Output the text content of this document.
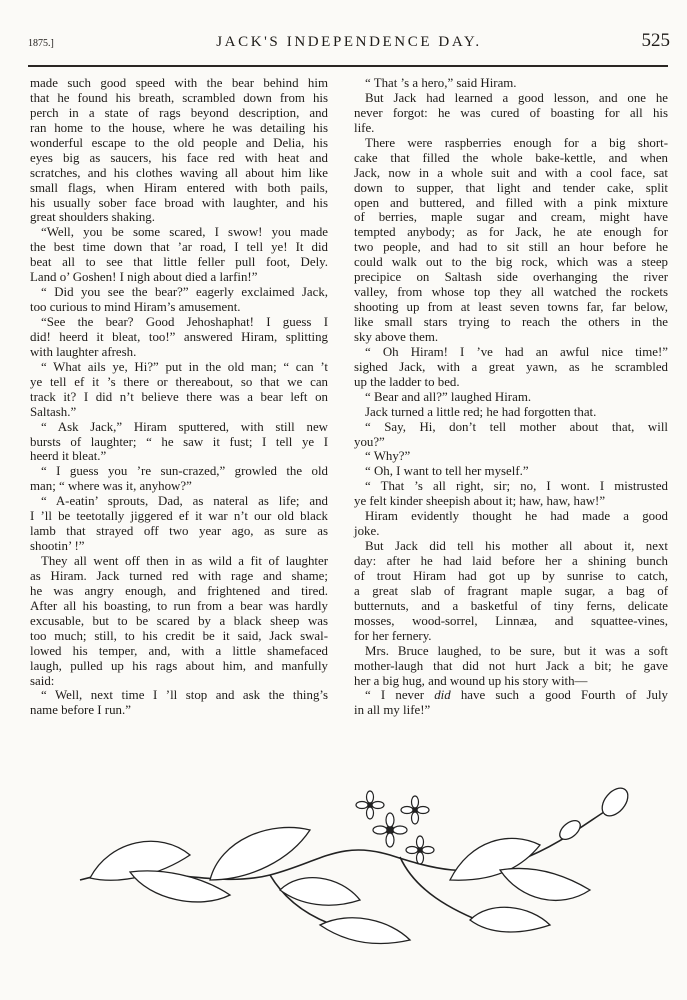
1875.]	JACK'S INDEPENDENCE DAY.	525
made such good speed with the bear behind him
that he found his breath, scrambled down from his
perch in a state of rags beyond description, and
ran home to the house, where he was detailing his
wonderful escape to the old people and Delia, his
eyes big as saucers, his face red with heat and
scratches, and his clothes waving all about him like
small flags, when Hiram entered with both pails,
his usually sober face broad with laughter, and his
great shoulders shaking.
“Well, you be some scared, I swow! you made
the best time down that ’ar road, I tell ye! It did
beat all to see that little feller pull foot, Dely.
Land o’ Goshen! I nigh about died a larfin!”
“ Did you see the bear?” eagerly exclaimed Jack,
too curious to mind Hiram’s amusement.
“See the bear? Good Jehoshaphat! I guess I
did! heerd it bleat, too!” answered Hiram, splitting
with laughter afresh.
“ What ails ye, Hi?” put in the old man; “ can ’t
ye tell ef it ’s there or thereabout, so that we can
track it? I did n’t believe there was a bear left on
Saltash.”
“ Ask Jack,” Hiram sputtered, with still new
bursts of laughter; “ he saw it fust; I tell ye I
heerd it bleat.”
“ I guess you ’re sun-crazed,” growled the old
man; “ where was it, anyhow?”
“ A-eatin’ sprouts, Dad, as nateral as life; and
I ’ll be teetotally jiggered ef it war n’t our old black
lamb that strayed off two year ago, as sure as
shootin’ !”
They all went off then in as wild a fit of laughter
as Hiram. Jack turned red with rage and shame;
he was angry enough, and frightened and tired.
After all his boasting, to run from a bear was hardly
excusable, but to be scared by a black sheep was
too much; still, to his credit be it said, Jack swal-
lowed his temper, and, with a little shamefaced
laugh, pulled up his rags about him, and manfully
said:
“ Well, next time I ’ll stop and ask the thing’s
name before I run.”
“ That ’s a hero,” said Hiram.
But Jack had learned a good lesson, and one he
never forgot: he was cured of boasting for all his
life.
There were raspberries enough for a big short-
cake that filled the whole bake-kettle, and when
Jack, now in a whole suit and with a cool face, sat
down to supper, that light and tender cake, split
open and buttered, and filled with a pink mixture
of berries, maple sugar and cream, might have
tempted anybody; as for Jack, he ate enough for
two people, and had to sit still an hour before he
could walk out to the big rock, which was a steep
precipice on Saltash side overhanging the river
valley, from whose top they all watched the rockets
shooting up from at least seven towns far, far below,
like small stars trying to reach the others in the
sky above them.
“ Oh Hiram! I ’ve had an awful nice time!”
sighed Jack, with a great yawn, as he scrambled
up the ladder to bed.
“ Bear and all?” laughed Hiram.
Jack turned a little red; he had forgotten that.
“ Say, Hi, don’t tell mother about that, will
you?”
“ Why?”
“ Oh, I want to tell her myself.”
“ That ’s all right, sir; no, I wont. I mistrusted
ye felt kinder sheepish about it; haw, haw, haw!”
Hiram evidently thought he had made a good
joke.
But Jack did tell his mother all about it, next
day: after he had laid before her a shining bunch
of trout Hiram had got up by sunrise to catch,
a great slab of fragrant maple sugar, a bag of
butternuts, and a basketful of tiny ferns, delicate
mosses, wood-sorrel, Linnæa, and squattee-vines,
for her fernery.
Mrs. Bruce laughed, to be sure, but it was a soft
mother-laugh that did not hurt Jack a bit; he gave
her a big hug, and wound up his story with—
“ I never did have such a good Fourth of July
in all my life!”
